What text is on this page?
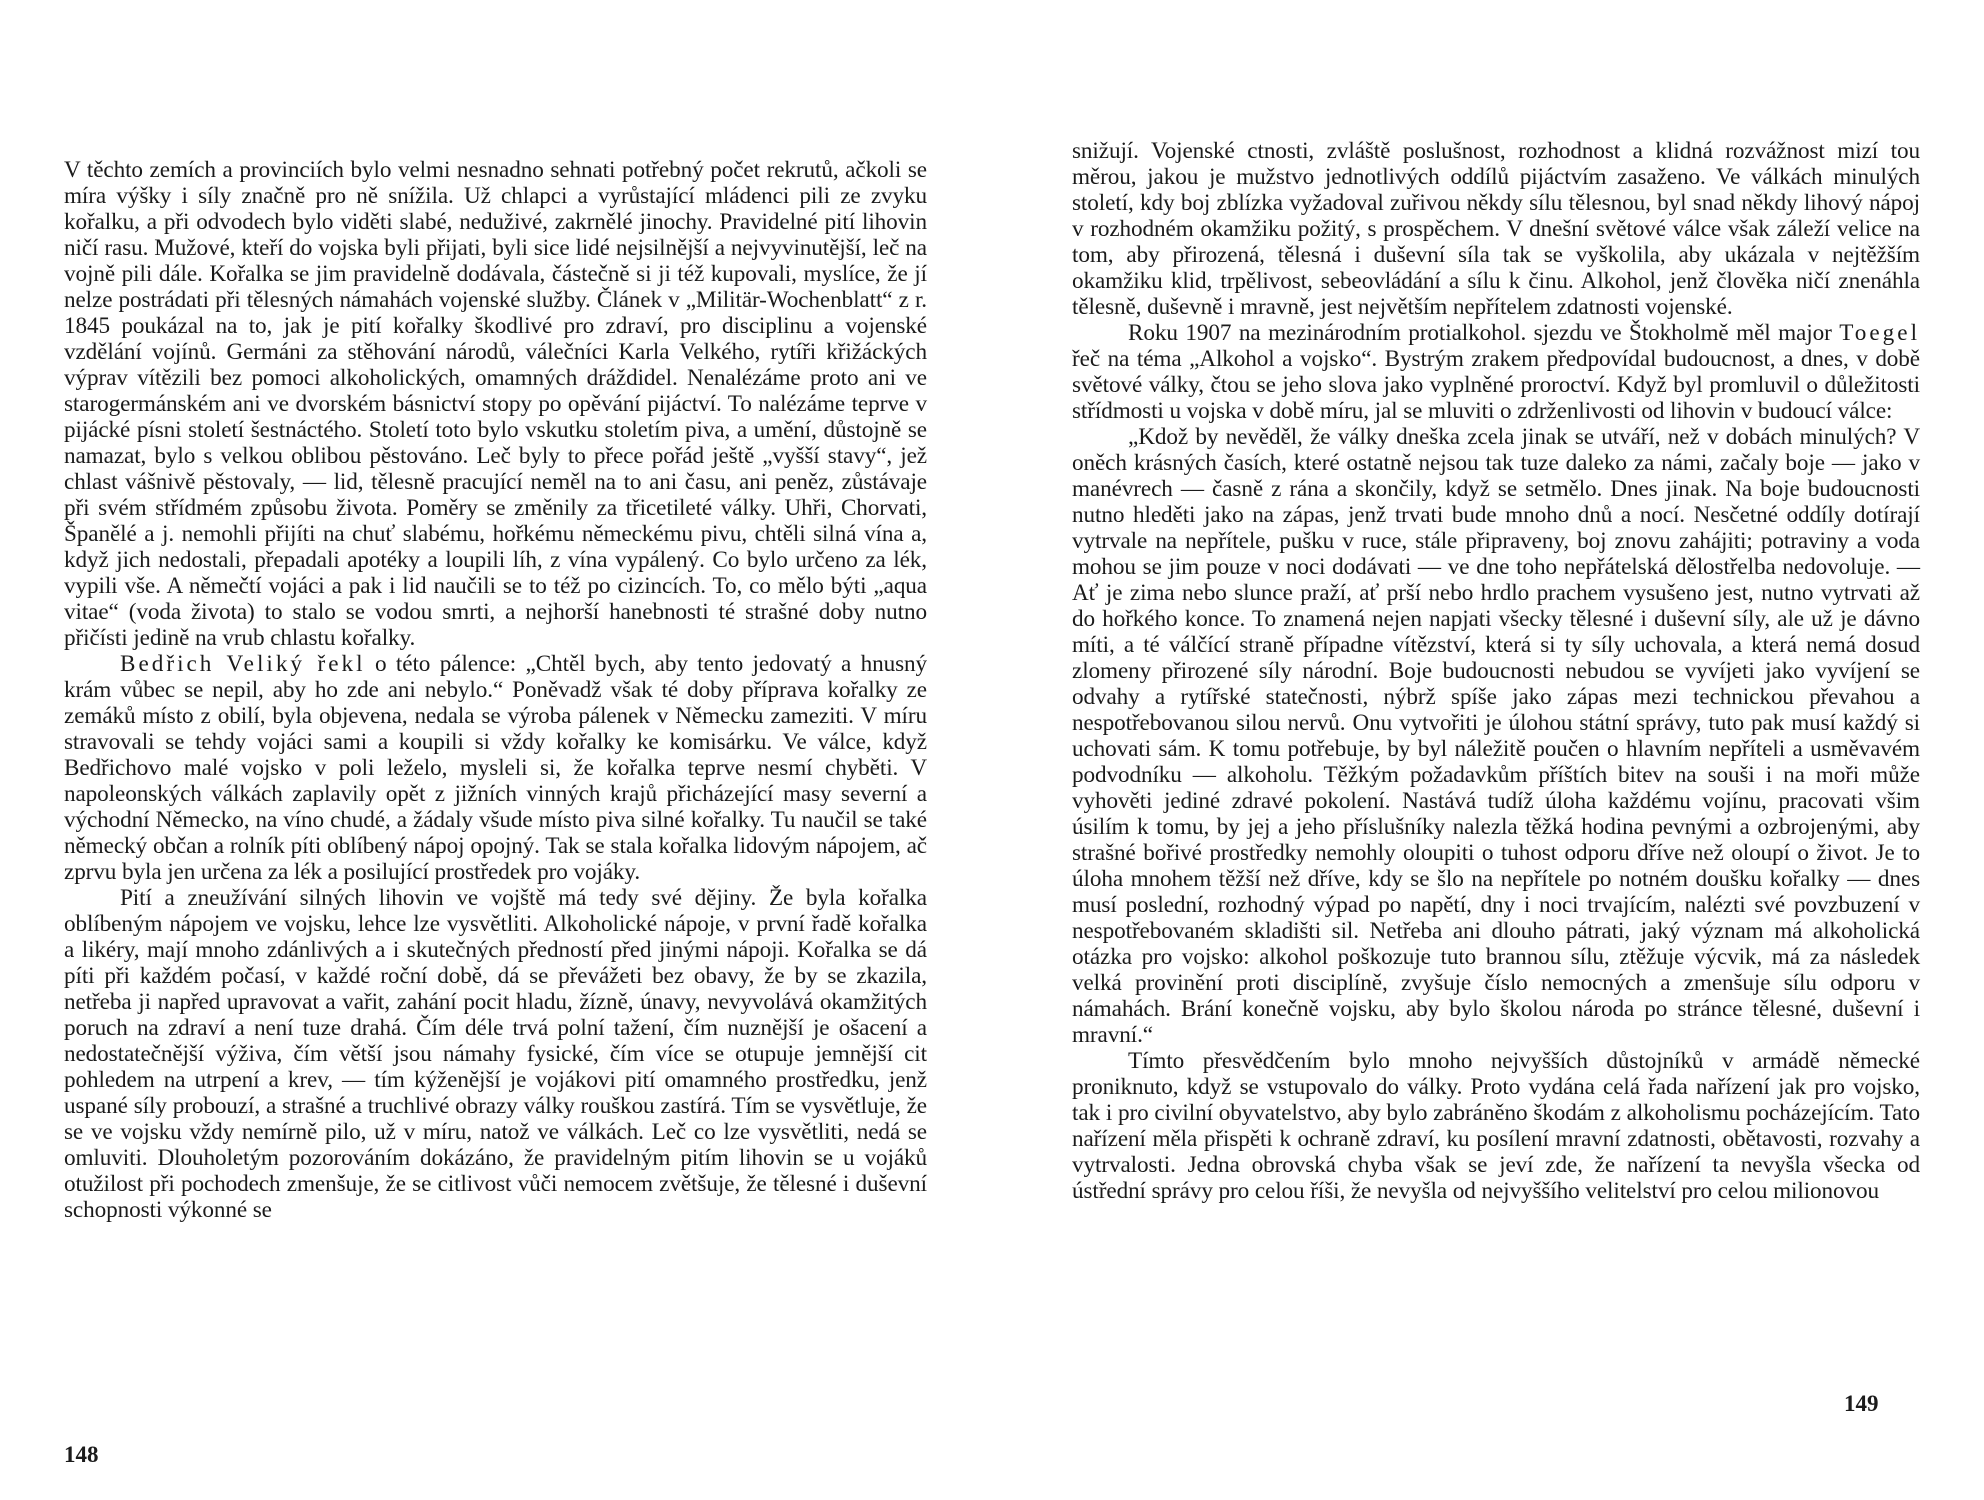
V těchto zemích a provinciích bylo velmi nesnadno sehnati potřebný počet rekrutů, ačkoli se míra výšky i síly značně pro ně snížila. Už chlapci a vyrůstající mládenci pili ze zvyku kořalku, a při odvodech bylo viděti slabé, neduživé, zakrnělé jinochy. Pravidelné pití lihovin ničí rasu. Mužové, kteří do vojska byli přijati, byli sice lidé nejsilnější a nejvyvinutější, leč na vojně pili dále. Kořalka se jim pravidelně dodávala, částečně si ji též kupovali, myslíce, že jí nelze postrádati při tělesných námahách vojenské služby. Článek v „Militär-Wochenblatt“ z r. 1845 poukázal na to, jak je pití kořalky škodlivé pro zdraví, pro disciplinu a vojenské vzdělání vojínů. Germáni za stěhování národů, válečníci Karla Velkého, rytíři křižáckých výprav vítězili bez pomoci alkoholických, omamných dráždidel. Nenalézáme proto ani ve starogermánském ani ve dvorském básnictví stopy po opěvání pijáctví. To nalézáme teprve v pijácké písni století šestnáctého. Století toto bylo vskutku stoletím piva, a umění, důstojně se namazat, bylo s velkou oblibou pěstováno. Leč byly to přece pořád ještě „vyšší stavy“, jež chlast vášnivě pěstovaly, — lid, tělesně pracující neměl na to ani času, ani peněz, zůstávaje při svém střídmém způsobu života. Poměry se změnily za třicetileté války. Uhři, Chorvati, Španělé a j. nemohli přijíti na chuť slabému, hořkému německému pivu, chtěli silná vína a, když jich nedostali, přepadali apotéky a loupili líh, z vína vypálený. Co bylo určeno za lék, vypili vše. A němečtí vojáci a pak i lid naučili se to též po cizincích. To, co mělo býti „aqua vitae“ (voda života) to stalo se vodou smrti, a nejhorší hanebnosti té strašné doby nutno přičísti jedině na vrub chlastu kořalky.

Bedřich Veliký řekl o této pálence: „Chtěl bych, aby tento jedovatý a hnusný krám vůbec se nepil, aby ho zde ani nebylo.“ Poněvadž však té doby příprava kořalky ze zemáků místo z obilí, byla objevena, nedala se výroba pálenek v Německu zameziti. V míru stravovali se tehdy vojáci sami a koupili si vždy kořalky ke komisárku. Ve válce, když Bedřichovo malé vojsko v poli leželo, mysleli si, že kořalka teprve nesmí chyběti. V napoleonských válkách zaplavily opět z jižních vinných krajů přicházející masy severní a východní Německo, na víno chudé, a žádaly všude místo piva silné kořalky. Tu naučil se také německý občan a rolník píti oblíbený nápoj opojný. Tak se stala kořalka lidovým nápojem, ač zprvu byla jen určena za lék a posilující prostředek pro vojáky.

Pití a zneužívání silných lihovin ve vojště má tedy své dějiny. Že byla kořalka oblíbeným nápojem ve vojsku, lehce lze vysvětliti. Alkoholické nápoje, v první řadě kořalka a likéry, mají mnoho zdánlivých a i skutečných předností před jinými nápoji. Kořalka se dá píti při každém počasí, v každé roční době, dá se převážeti bez obavy, že by se zkazila, netřeba ji napřed upravovat a vařit, zahání pocit hladu, žízně, únavy, nevyvolává okamžitých poruch na zdraví a není tuze drahá. Čím déle trvá polní tažení, čím nuznější je ošacení a nedostatečnější výživa, čím větší jsou námahy fysické, čím více se otupuje jemnější cit pohledem na utrpení a krev, — tím kýženější je vojákovi pití omamného prostředku, jenž uspané síly probouzí, a strašné a truchlivé obrazy války rouškou zastírá. Tím se vysvětluje, že se ve vojsku vždy nemírně pilo, už v míru, natož ve válkách. Leč co lze vysvětliti, nedá se omluviti. Dlouholetým pozorováním dokázáno, že pravidelným pitím lihovin se u vojáků otužilost při pochodech zmenšuje, že se citlivost vůči nemocem zvětšuje, že tělesné i duševní schopnosti výkonné se

148

snižují. Vojenské ctnosti, zvláště poslušnost, rozhodnost a klidná rozvážnost mizí tou měrou, jakou je mužstvo jednotlivých oddílů pijáctvím zasaženo. Ve válkách minulých století, kdy boj zblízka vyžadoval zuřivou někdy sílu tělesnou, byl snad někdy lihový nápoj v rozhodném okamžiku požitý, s prospěchem. V dnešní světové válce však záleží velice na tom, aby přirozená, tělesná i duševní síla tak se vyškolila, aby ukázala v nejtěžším okamžiku klid, trpělivost, sebeovládání a sílu k činu. Alkohol, jenž člověka ničí znenáhla tělesně, duševně i mravně, jest největším nepřítelem zdatnosti vojenské.

Roku 1907 na mezinárodním protialkohol. sjezdu ve Štokholmě měl major Toegel řeč na téma „Alkohol a vojsko“. Bystrým zrakem předpovídal budoucnost, a dnes, v době světové války, čtou se jeho slova jako vyplněné proroctví. Když byl promluvil o důležitosti střídmosti u vojska v době míru, jal se mluviti o zdrženlivosti od lihovin v budoucí válce:

„Kdož by nevěděl, že války dneška zcela jinak se utváří, než v dobách minulých? V oněch krásných časích, které ostatně nejsou tak tuze daleko za námi, začaly boje — jako v manévrech — časně z rána a skončily, když se setmělo. Dnes jinak. Na boje budoucnosti nutno hleděti jako na zápas, jenž trvati bude mnoho dnů a nocí. Nesčetné oddíly dotírají vytrvale na nepřítele, pušku v ruce, stále připraveny, boj znovu zahájiti; potraviny a voda mohou se jim pouze v noci dodávati — ve dne toho nepřátelská dělostřelba nedovoluje. — Ať je zima nebo slunce praží, ať prší nebo hrdlo prachem vysušeno jest, nutno vytrvati až do hořkého konce. To znamená nejen napjati všecky tělesné i duševní síly, ale už je dávno míti, a té válčící straně případne vítězství, která si ty síly uchovala, a která nemá dosud zlomeny přirozené síly národní. Boje budoucnosti nebudou se vyvíjeti jako vyvíjení se odvahy a rytířské statečnosti, nýbrž spíše jako zápas mezi technickou převahou a nespotřebovanou silou nervů. Onu vytvořiti je úlohou státní správy, tuto pak musí každý si uchovati sám. K tomu potřebuje, by byl náležitě poučen o hlavním nepříteli a usměvavém podvodníku — alkoholu. Těžkým požadavkům příštích bitev na souši i na moři může vyhověti jediné zdravé pokolení. Nastává tudíž úloha každému vojínu, pracovati všim úsilím k tomu, by jej a jeho příslušníky nalezla těžká hodina pevnými a ozbrojenými, aby strašné bořivé prostředky nemohly oloupiti o tuhost odporu dříve než oloupí o život. Je to úloha mnohem těžší než dříve, kdy se šlo na nepřítele po notném doušku kořalky — dnes musí poslední, rozhodný výpad po napětí, dny i noci trvajícím, nalézti své povzbuzení v nespotřebovaném skladišti sil. Netřeba ani dlouho pátrati, jaký význam má alkoholická otázka pro vojsko: alkohol poškozuje tuto brannou sílu, ztěžuje výcvik, má za následek velká provinění proti disciplíně, zvyšuje číslo nemocných a zmenšuje sílu odporu v námahách. Brání konečně vojsku, aby bylo školou národa po stránce tělesné, duševní i mravní.“

Tímto přesvědčením bylo mnoho nejvyšších důstojníků v armádě německé proniknuto, když se vstupovalo do války. Proto vydána celá řada nařízení jak pro vojsko, tak i pro civilní obyvatelstvo, aby bylo zabráněno škodám z alkoholismu pocházejícím. Tato nařízení měla přispěti k ochraně zdraví, ku posílení mravní zdatnosti, obětavosti, rozvahy a vytrvalosti. Jedna obrovská chyba však se jeví zde, že nařízení ta nevyšla všecka od ústřední správy pro celou říši, že nevyšla od nejvyššího velitelství pro celou milionovou

149
